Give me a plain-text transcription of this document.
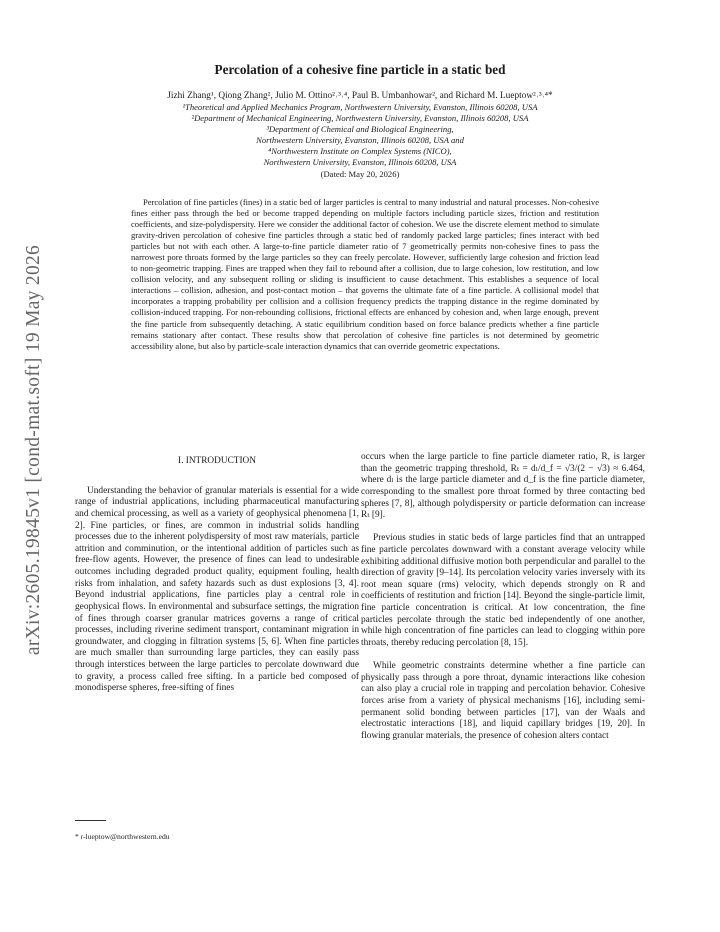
arXiv:2605.19845v1 [cond-mat.soft] 19 May 2026
Percolation of a cohesive fine particle in a static bed
Jizhi Zhang¹, Qiong Zhang², Julio M. Ottino²˒³˒⁴, Paul B. Umbanhowar², and Richard M. Lueptow²˒³˒⁴*
¹Theoretical and Applied Mechanics Program, Northwestern University, Evanston, Illinois 60208, USA
²Department of Mechanical Engineering, Northwestern University, Evanston, Illinois 60208, USA
³Department of Chemical and Biological Engineering,
Northwestern University, Evanston, Illinois 60208, USA and
⁴Northwestern Institute on Complex Systems (NICO),
Northwestern University, Evanston, Illinois 60208, USA
(Dated: May 20, 2026)
Percolation of fine particles (fines) in a static bed of larger particles is central to many industrial and natural processes. Non-cohesive fines either pass through the bed or become trapped depending on multiple factors including particle sizes, friction and restitution coefficients, and size-polydispersity. Here we consider the additional factor of cohesion. We use the discrete element method to simulate gravity-driven percolation of cohesive fine particles through a static bed of randomly packed large particles; fines interact with bed particles but not with each other. A large-to-fine particle diameter ratio of 7 geometrically permits non-cohesive fines to pass the narrowest pore throats formed by the large particles so they can freely percolate. However, sufficiently large cohesion and friction lead to non-geometric trapping. Fines are trapped when they fail to rebound after a collision, due to large cohesion, low restitution, and low collision velocity, and any subsequent rolling or sliding is insufficient to cause detachment. This establishes a sequence of local interactions – collision, adhesion, and post-contact motion – that governs the ultimate fate of a fine particle. A collisional model that incorporates a trapping probability per collision and a collision frequency predicts the trapping distance in the regime dominated by collision-induced trapping. For non-rebounding collisions, frictional effects are enhanced by cohesion and, when large enough, prevent the fine particle from subsequently detaching. A static equilibrium condition based on force balance predicts whether a fine particle remains stationary after contact. These results show that percolation of cohesive fine particles is not determined by geometric accessibility alone, but also by particle-scale interaction dynamics that can override geometric expectations.
I. INTRODUCTION

Understanding the behavior of granular materials is essential for a wide range of industrial applications, including pharmaceutical manufacturing and chemical processing, as well as a variety of geophysical phenomena [1, 2]. Fine particles, or fines, are common in industrial solids handling processes due to the inherent polydispersity of most raw materials, particle attrition and comminution, or the intentional addition of particles such as free-flow agents. However, the presence of fines can lead to undesirable outcomes including degraded product quality, equipment fouling, health risks from inhalation, and safety hazards such as dust explosions [3, 4]. Beyond industrial applications, fine particles play a central role in geophysical flows. In environmental and subsurface settings, the migration of fines through coarser granular matrices governs a range of critical processes, including riverine sediment transport, contaminant migration in groundwater, and clogging in filtration systems [5, 6]. When fine particles are much smaller than surrounding large particles, they can easily pass through interstices between the large particles to percolate downward due to gravity, a process called free sifting. In a particle bed composed of monodisperse spheres, free-sifting of fines

occurs when the large particle to fine particle diameter ratio, R, is larger than the geometric trapping threshold, Rₜ = dₗ/d_f = √3/(2 − √3) ≈ 6.464, where dₗ is the large particle diameter and d_f is the fine particle diameter, corresponding to the smallest pore throat formed by three contacting bed spheres [7, 8], although polydispersity or particle deformation can increase Rₜ [9].

Previous studies in static beds of large particles find that an untrapped fine particle percolates downward with a constant average velocity while exhibiting additional diffusive motion both perpendicular and parallel to the direction of gravity [9–14]. Its percolation velocity varies inversely with its root mean square (rms) velocity, which depends strongly on R and coefficients of restitution and friction [14]. Beyond the single-particle limit, fine particle concentration is critical. At low concentration, the fine particles percolate through the static bed independently of one another, while high concentration of fine particles can lead to clogging within pore throats, thereby reducing percolation [8, 15].

While geometric constraints determine whether a fine particle can physically pass through a pore throat, dynamic interactions like cohesion can also play a crucial role in trapping and percolation behavior. Cohesive forces arise from a variety of physical mechanisms [16], including semi-permanent solid bonding between particles [17], van der Waals and electrostatic interactions [18], and liquid capillary bridges [19, 20]. In flowing granular materials, the presence of cohesion alters contact

* r-lueptow@northwestern.edu
